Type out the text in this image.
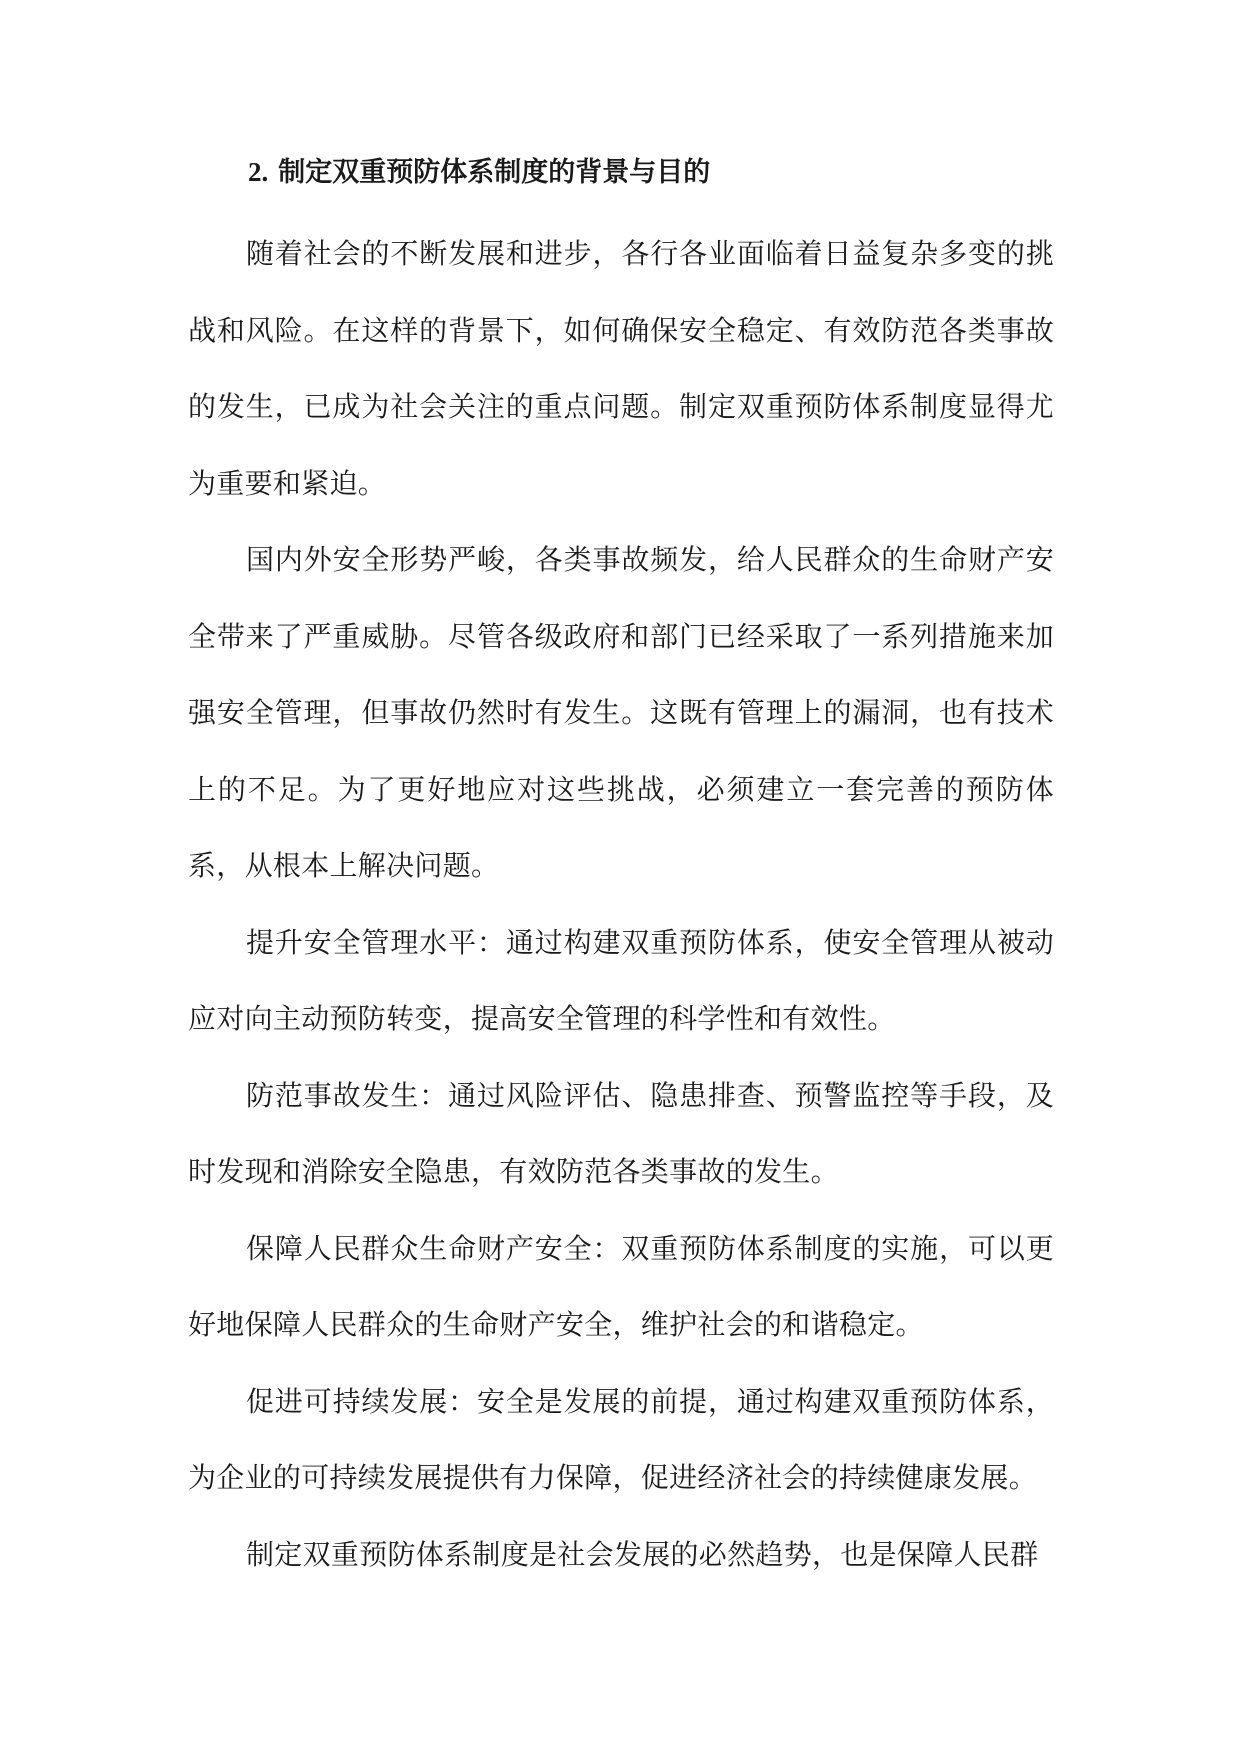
2. 制定双重预防体系制度的背景与目的

随着社会的不断发展和进步，各行各业面临着日益复杂多变的挑战和风险。在这样的背景下，如何确保安全稳定、有效防范各类事故的发生，已成为社会关注的重点问题。制定双重预防体系制度显得尤为重要和紧迫。

国内外安全形势严峻，各类事故频发，给人民群众的生命财产安全带来了严重威胁。尽管各级政府和部门已经采取了一系列措施来加强安全管理，但事故仍然时有发生。这既有管理上的漏洞，也有技术上的不足。为了更好地应对这些挑战，必须建立一套完善的预防体系，从根本上解决问题。

提升安全管理水平：通过构建双重预防体系，使安全管理从被动应对向主动预防转变，提高安全管理的科学性和有效性。

防范事故发生：通过风险评估、隐患排查、预警监控等手段，及时发现和消除安全隐患，有效防范各类事故的发生。

保障人民群众生命财产安全：双重预防体系制度的实施，可以更好地保障人民群众的生命财产安全，维护社会的和谐稳定。

促进可持续发展：安全是发展的前提，通过构建双重预防体系，为企业的可持续发展提供有力保障，促进经济社会的持续健康发展。

制定双重预防体系制度是社会发展的必然趋势，也是保障人民群
